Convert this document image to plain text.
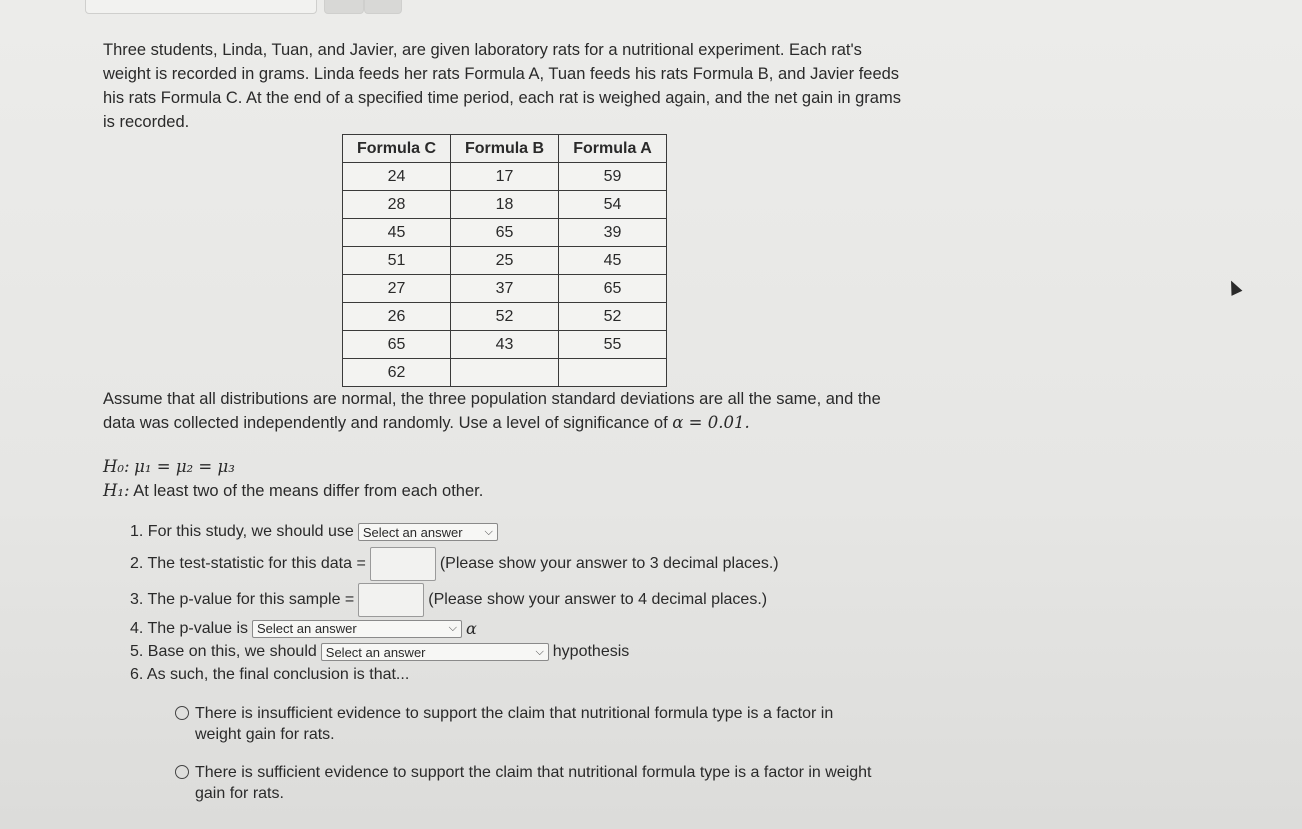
Three students, Linda, Tuan, and Javier, are given laboratory rats for a nutritional experiment. Each rat's weight is recorded in grams. Linda feeds her rats Formula A, Tuan feeds his rats Formula B, and Javier feeds his rats Formula C. At the end of a specified time period, each rat is weighed again, and the net gain in grams is recorded.
Formula C	Formula B	Formula A
24	17	59
28	18	54
45	65	39
51	25	45
27	37	65
26	52	52
65	43	55
62		
Assume that all distributions are normal, the three population standard deviations are all the same, and the data was collected independently and randomly. Use a level of significance of α = 0.01.
H₀: μ₁ = μ₂ = μ₃
H₁: At least two of the means differ from each other.
1. For this study, we should use Select an answer ⌵
2. The test-statistic for this data =	(Please show your answer to 3 decimal places.)
3. The p-value for this sample =	(Please show your answer to 4 decimal places.)
4. The p-value is Select an answer	⌵ α
5. Base on this, we should Select an answer	⌵ hypothesis
6. As such, the final conclusion is that...
There is insufficient evidence to support the claim that nutritional formula type is a factor in weight gain for rats.
There is sufficient evidence to support the claim that nutritional formula type is a factor in weight gain for rats.
